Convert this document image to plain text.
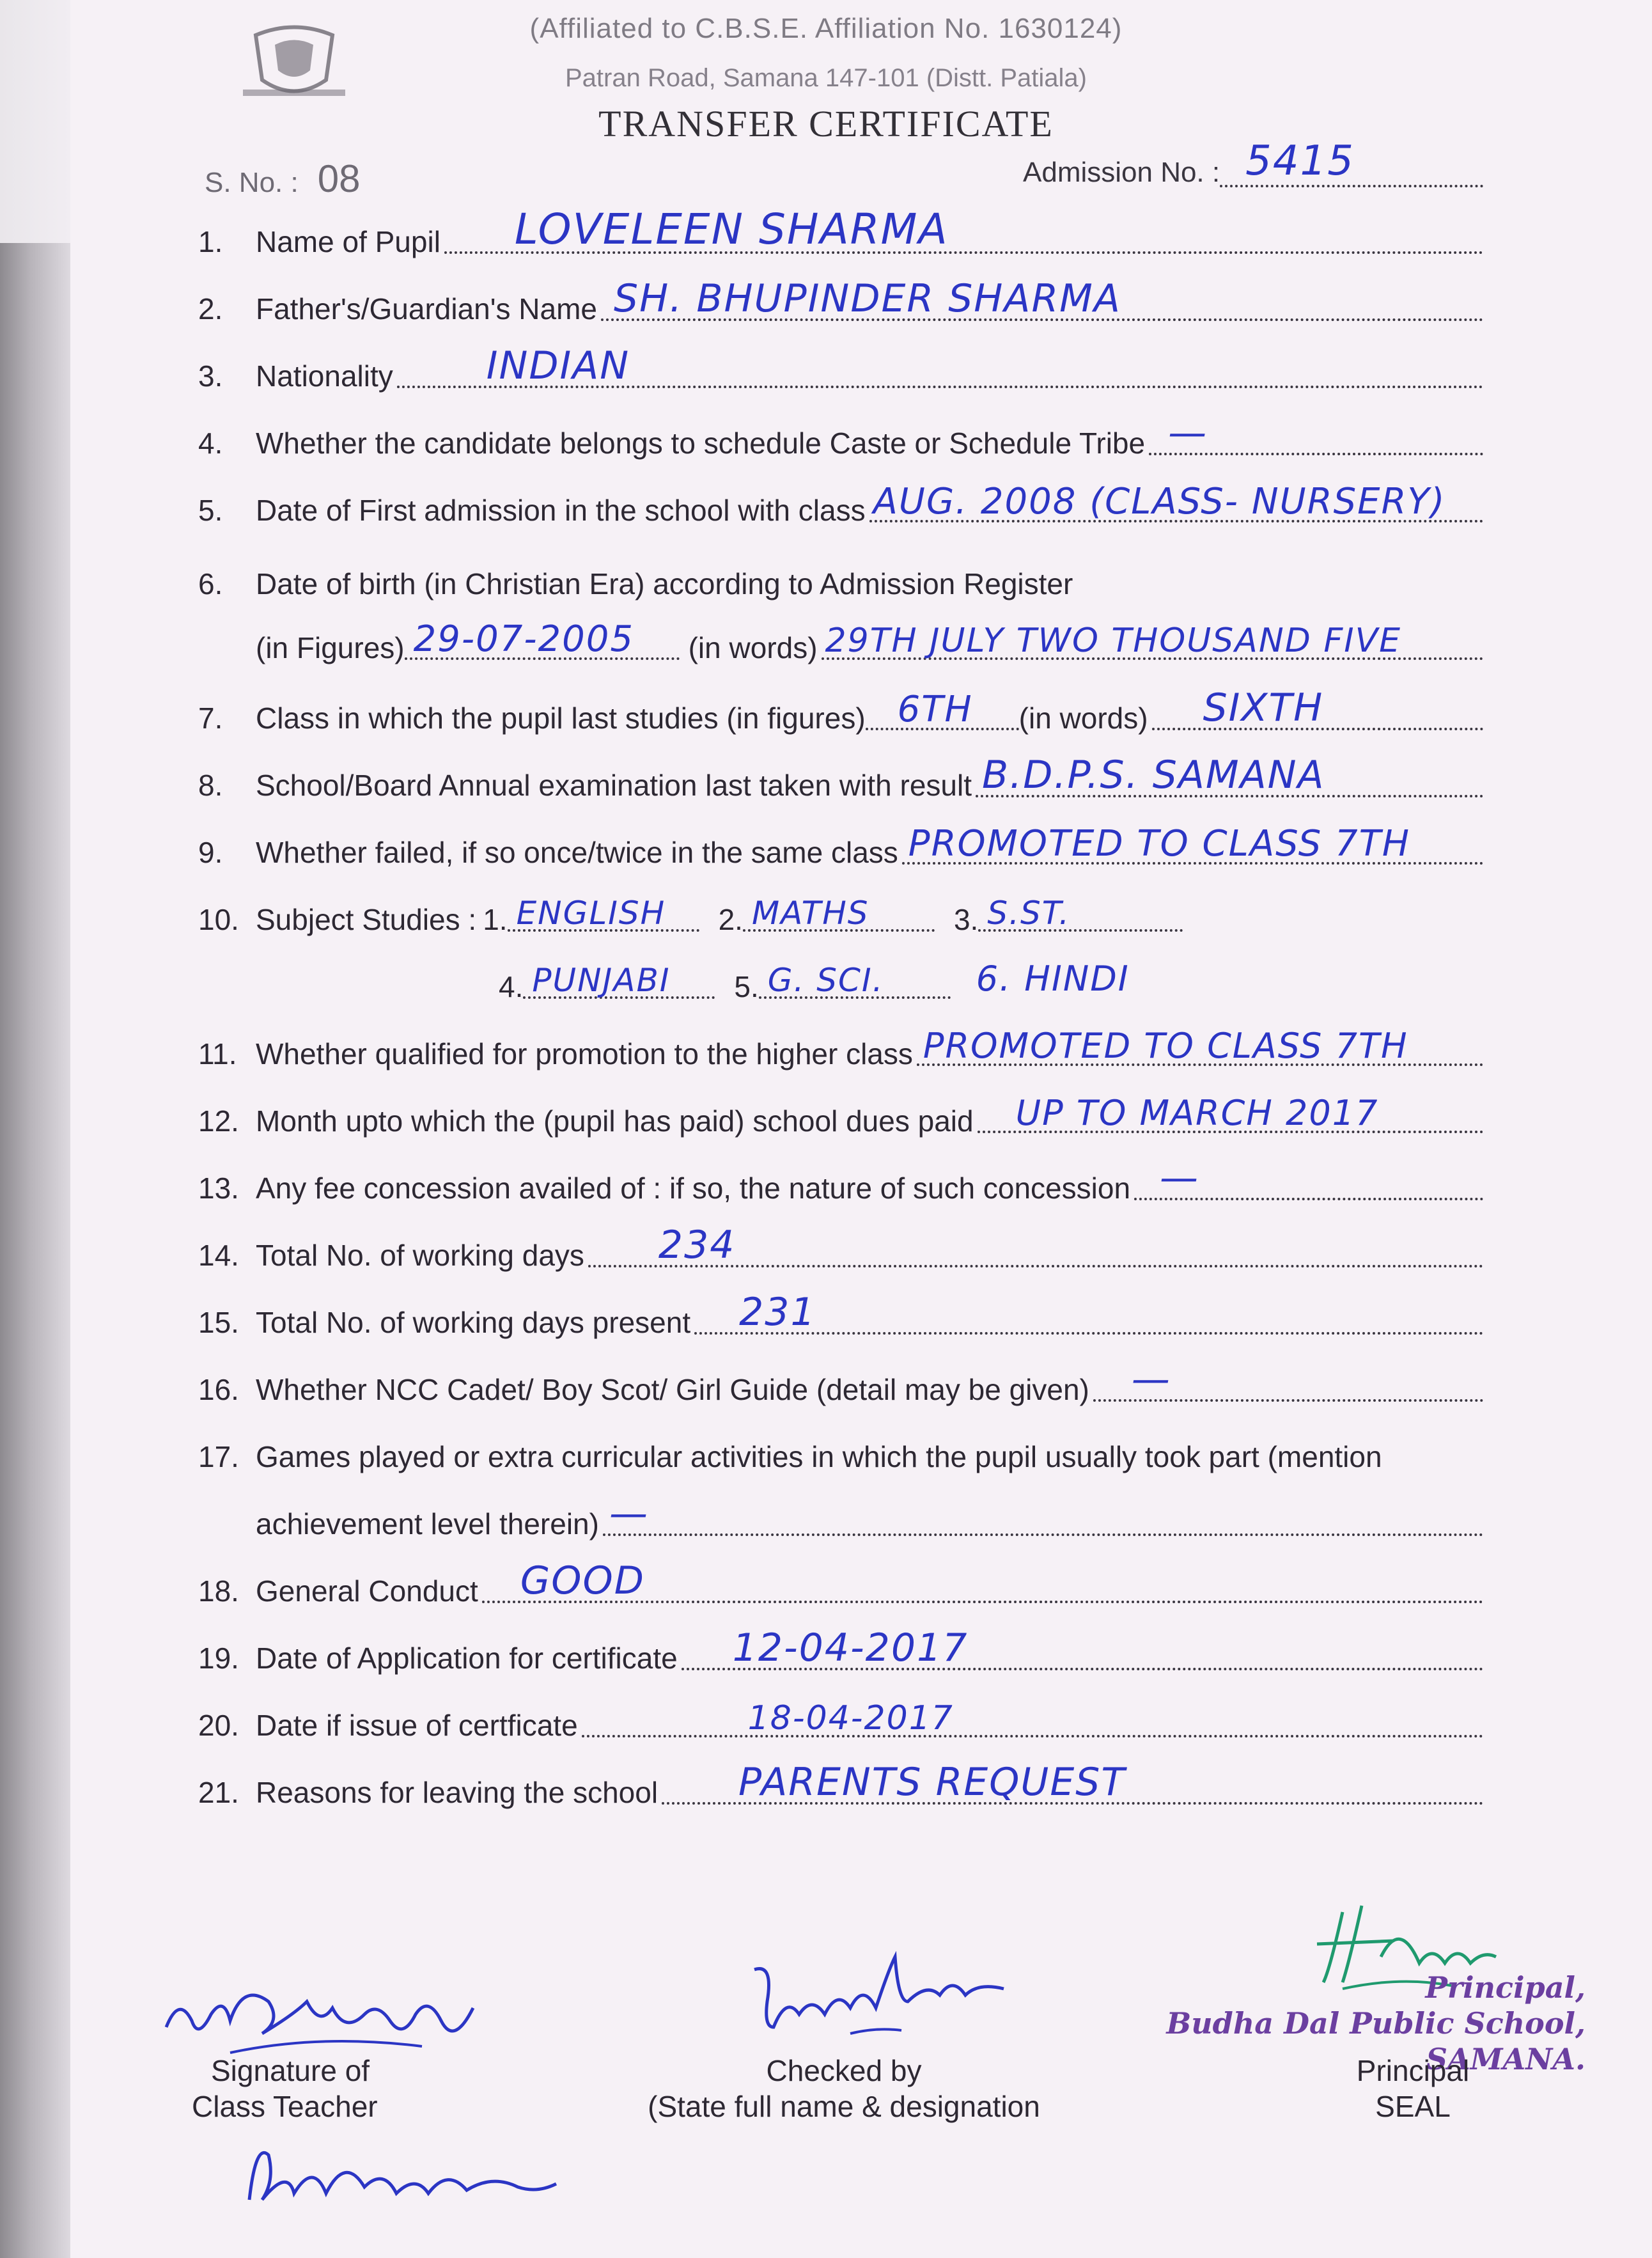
(Affiliated to C.B.S.E. Affiliation No. 1630124)
Patran Road, Samana 147-101 (Distt. Patiala)
TRANSFER CERTIFICATE
S. No. : 08	Admission No. : 5415
1.	Name of Pupil LOVELEEN SHARMA
2.	Father's/Guardian's Name SH. BHUPINDER SHARMA
3.	Nationality INDIAN
4.	Whether the candidate belongs to schedule Caste or Schedule Tribe —
5.	Date of First admission in the school with class AUG. 2008 (CLASS- NURSERY)
6.	Date of birth (in Christian Era) according to Admission Register
(in Figures) 29-07-2005 (in words) 29TH JULY TWO THOUSAND FIVE
7.	Class in which the pupil last studies (in figures) 6TH (in words) SIXTH
8.	School/Board Annual examination last taken with result B.D.P.S. SAMANA
9.	Whether failed, if so once/twice in the same class PROMOTED TO CLASS 7TH
10. Subject Studies : 1. ENGLISH 2. MATHS	3. S.ST.
4. PUNJABI 5. G. SCI.	6. HINDI
11. Whether qualified for promotion to the higher class PROMOTED TO CLASS 7TH
12. Month upto which the (pupil has paid) school dues paid UP TO MARCH 2017
13. Any fee concession availed of : if so, the nature of such concession —
14. Total No. of working days 234
15. Total No. of working days present 231
16. Whether NCC Cadet/ Boy Scot/ Girl Guide (detail may be given) —
17. Games played or extra curricular activities in which the pupil usually took part (mention
achievement level therein) —
18. General Conduct GOOD
19. Date of Application for certificate 12-04-2017
20. Date if issue of certficate	18-04-2017
21. Reasons for leaving the school PARENTS REQUEST
Principal,
Budha Dal Public School,
SAMANA.
Signature of
Class Teacher
Checked by
(State full name & designation
Principal
SEAL
